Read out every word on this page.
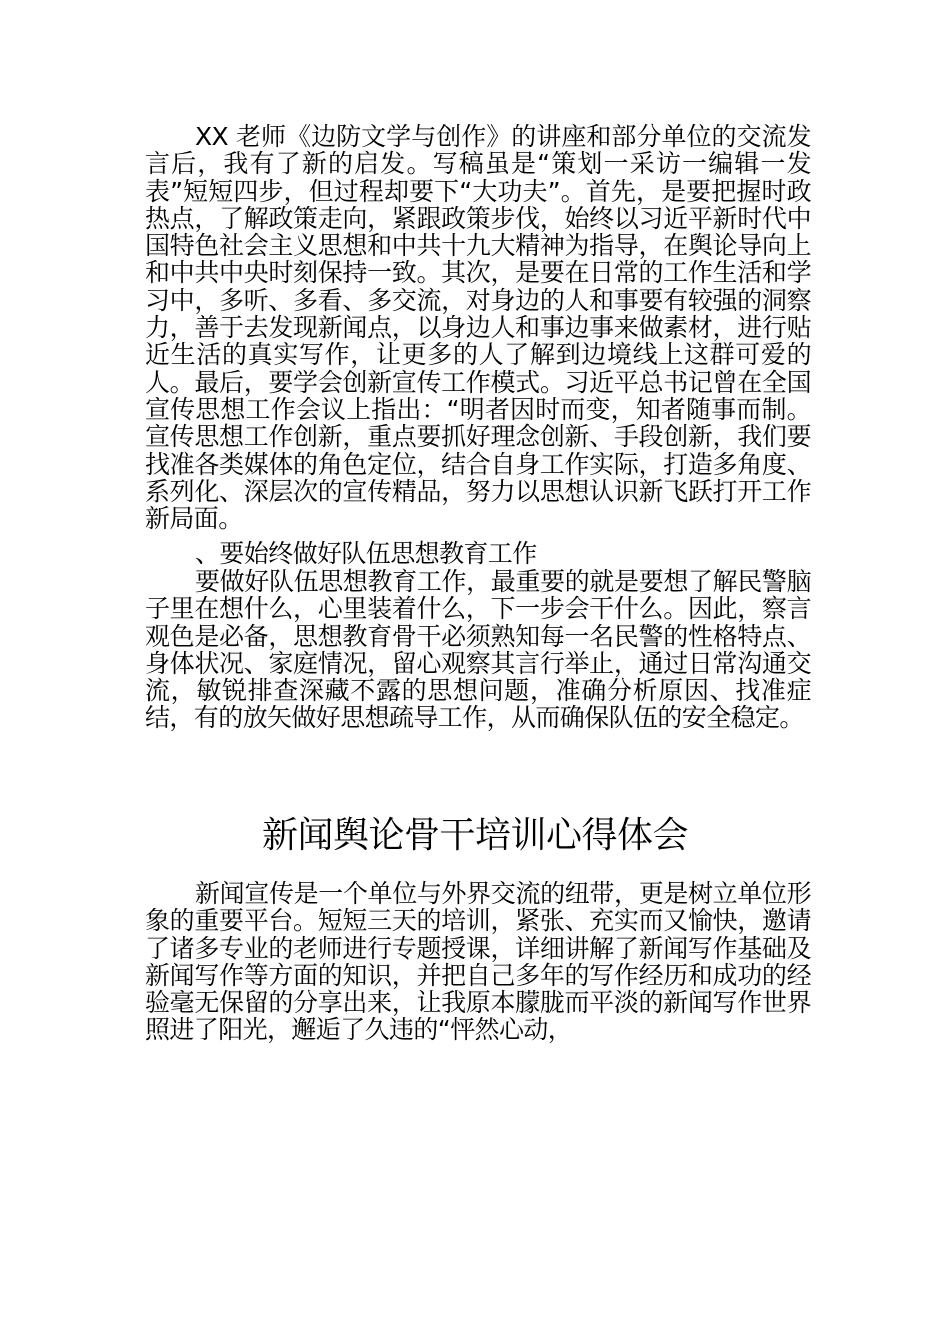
XX 老师《边防文学与创作》的讲座和部分单位的交流发言后，我有了新的启发。写稿虽是“策划一采访一编辑一发表”短短四步，但过程却要下“大功夫”。首先，是要把握时政热点，了解政策走向，紧跟政策步伐，始终以习近平新时代中国特色社会主义思想和中共十九大精神为指导，在舆论导向上和中共中央时刻保持一致。其次，是要在日常的工作生活和学习中，多听、多看、多交流，对身边的人和事要有较强的洞察力，善于去发现新闻点，以身边人和事边事来做素材，进行贴近生活的真实写作，让更多的人了解到边境线上这群可爱的人。最后，要学会创新宣传工作模式。习近平总书记曾在全国宣传思想工作会议上指出：“明者因时而变，知者随事而制。宣传思想工作创新，重点要抓好理念创新、手段创新，我们要找准各类媒体的角色定位，结合自身工作实际，打造多角度、系列化、深层次的宣传精品，努力以思想认识新飞跃打开工作新局面。

、要始终做好队伍思想教育工作

要做好队伍思想教育工作，最重要的就是要想了解民警脑子里在想什么，心里装着什么，下一步会干什么。因此，察言观色是必备，思想教育骨干必须熟知每一名民警的性格特点、身体状况、家庭情况，留心观察其言行举止，通过日常沟通交流，敏锐排查深藏不露的思想问题，准确分析原因、找准症结，有的放矢做好思想疏导工作，从而确保队伍的安全稳定。

新闻舆论骨干培训心得体会

新闻宣传是一个单位与外界交流的纽带，更是树立单位形象的重要平台。短短三天的培训，紧张、充实而又愉快，邀请了诸多专业的老师进行专题授课，详细讲解了新闻写作基础及新闻写作等方面的知识，并把自己多年的写作经历和成功的经验毫无保留的分享出来，让我原本朦胧而平淡的新闻写作世界照进了阳光，邂逅了久违的“怦然心动，
